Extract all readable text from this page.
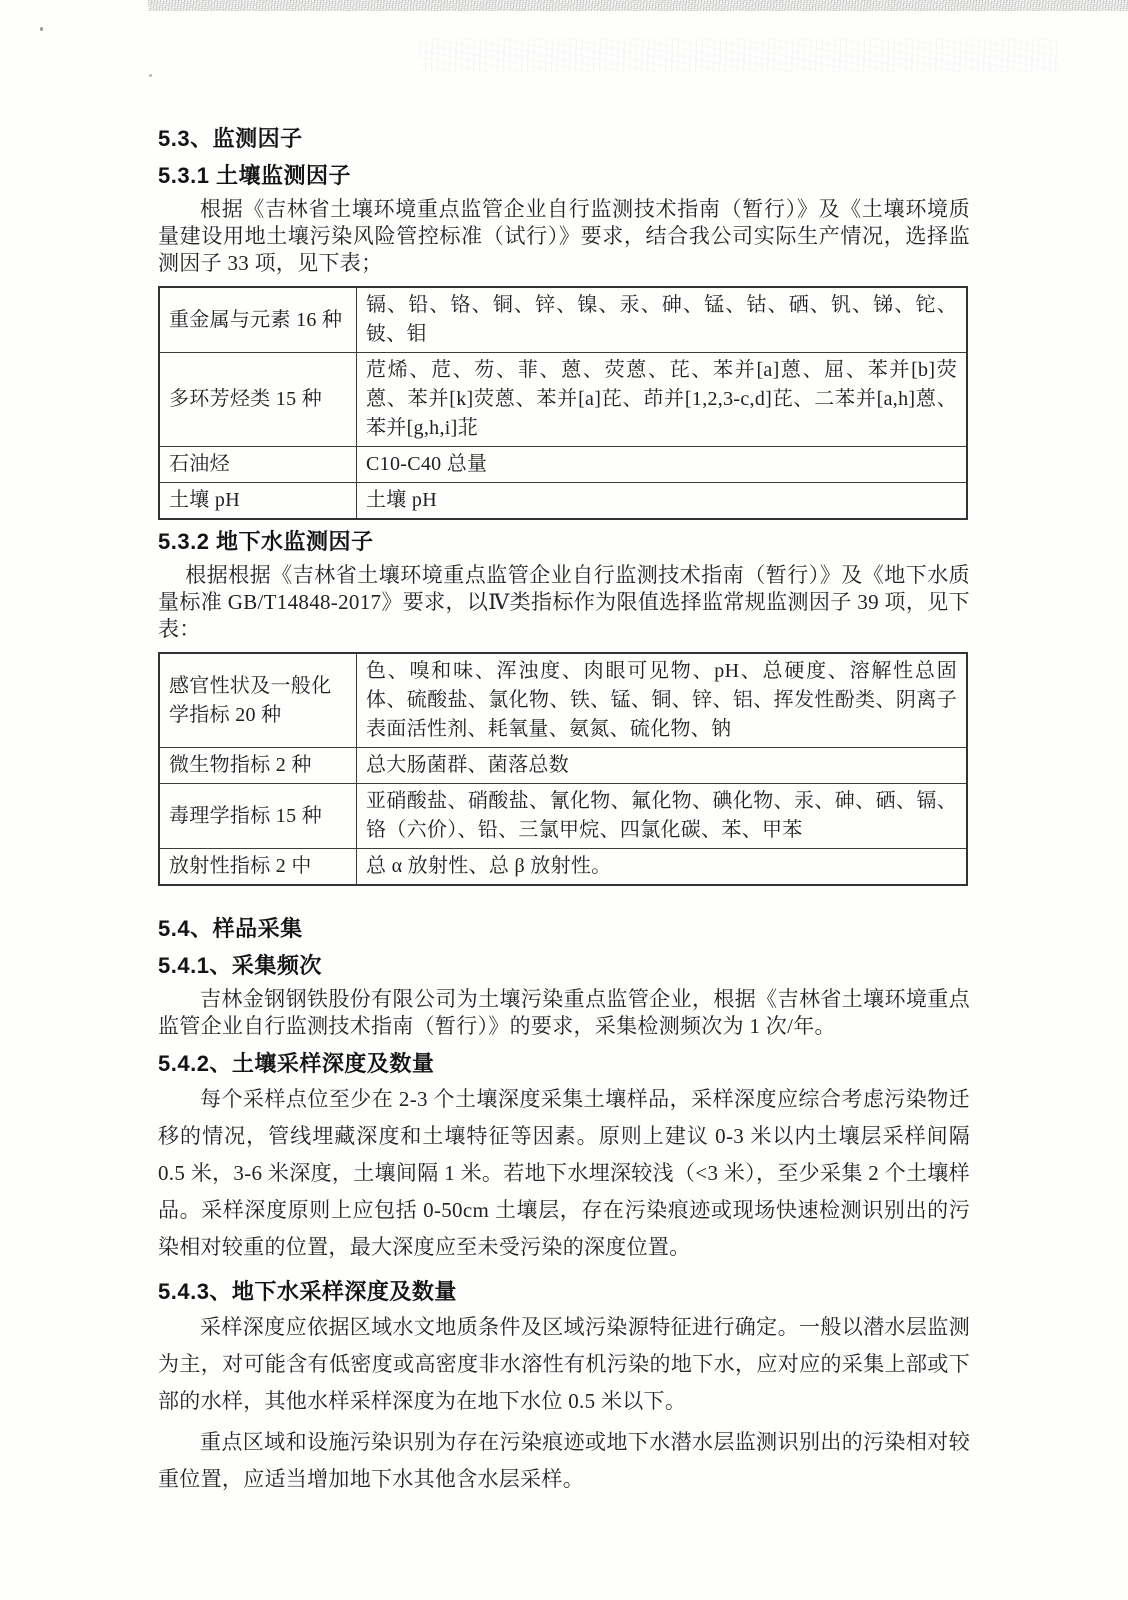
5.3、监测因子
5.3.1 土壤监测因子

根据《吉林省土壤环境重点监管企业自行监测技术指南（暂行）》及《土壤环境质量建设用地土壤污染风险管控标准（试行）》要求，结合我公司实际生产情况，选择监测因子 33 项，见下表；

重金属与元素 16 种	镉、铅、铬、铜、锌、镍、汞、砷、锰、钴、硒、钒、锑、铊、铍、钼
多环芳烃类 15 种	苊烯、苊、芴、菲、蒽、荧蒽、芘、苯并[a]蒽、屈、苯并[b]荧蒽、苯并[k]荧蒽、苯并[a]芘、茚并[1,2,3-c,d]芘、二苯并[a,h]蒽、苯并[g,h,i]苝
石油烃	C10-C40 总量
土壤 pH	土壤 pH
5.3.2 地下水监测因子

根据根据《吉林省土壤环境重点监管企业自行监测技术指南（暂行）》及《地下水质量标准 GB/T14848-2017》要求，以Ⅳ类指标作为限值选择监常规监测因子 39 项，见下表：

感官性状及一般化学指标 20 种	色、嗅和味、浑浊度、肉眼可见物、pH、总硬度、溶解性总固体、硫酸盐、氯化物、铁、锰、铜、锌、铝、挥发性酚类、阴离子表面活性剂、耗氧量、氨氮、硫化物、钠
微生物指标 2 种	总大肠菌群、菌落总数
毒理学指标 15 种	亚硝酸盐、硝酸盐、氰化物、氟化物、碘化物、汞、砷、硒、镉、铬（六价）、铅、三氯甲烷、四氯化碳、苯、甲苯
放射性指标 2 中	总 α 放射性、总 β 放射性。
5.4、样品采集
5.4.1、采集频次

吉林金钢钢铁股份有限公司为土壤污染重点监管企业，根据《吉林省土壤环境重点监管企业自行监测技术指南（暂行）》的要求，采集检测频次为 1 次/年。

5.4.2、土壤采样深度及数量

每个采样点位至少在 2-3 个土壤深度采集土壤样品，采样深度应综合考虑污染物迁移的情况，管线埋藏深度和土壤特征等因素。原则上建议 0-3 米以内土壤层采样间隔 0.5 米，3-6 米深度，土壤间隔 1 米。若地下水埋深较浅（<3 米），至少采集 2 个土壤样品。采样深度原则上应包括 0-50cm 土壤层，存在污染痕迹或现场快速检测识别出的污染相对较重的位置，最大深度应至未受污染的深度位置。

5.4.3、地下水采样深度及数量

采样深度应依据区域水文地质条件及区域污染源特征进行确定。一般以潜水层监测为主，对可能含有低密度或高密度非水溶性有机污染的地下水，应对应的采集上部或下部的水样，其他水样采样深度为在地下水位 0.5 米以下。

重点区域和设施污染识别为存在污染痕迹或地下水潜水层监测识别出的污染相对较重位置，应适当增加地下水其他含水层采样。
